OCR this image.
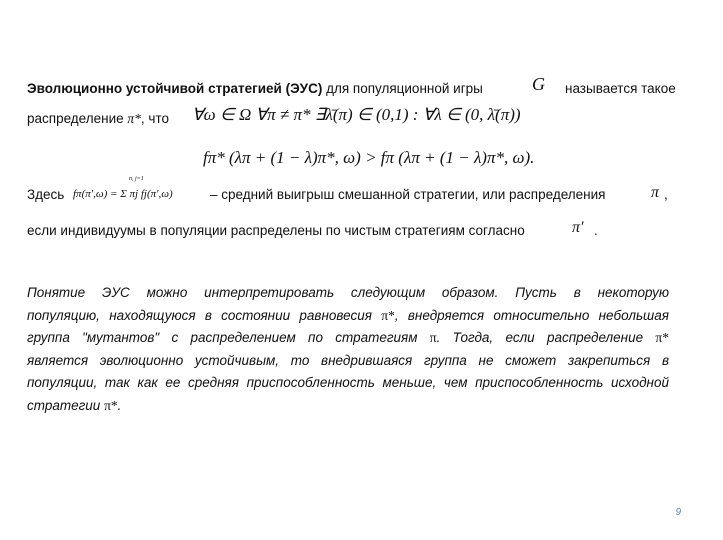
Эволюционно устойчивой стратегией (ЭУС) для популяционной игры	G называется такое
распределение π*, что ∀ω ∈ Ω ∀π ≠ π* ∃λ̄(π) ∈ (0,1) : ∀λ ∈ (0, λ̄(π))
fπ* (λπ + (1 − λ)π*, ω) > fπ (λπ + (1 − λ)π*, ω).
Здесь fπ(π′,ω) = Σ πj fj(π′,ω)
n, j=1
– средний выигрыш смешанной стратегии, или распределения	π ,
если индивидуумы в популяции распределены по чистым стратегиям согласно	π′ .
Понятие ЭУС можно интерпретировать следующим образом. Пусть в некоторую
популяцию, находящуюся в состоянии равновесия π*, внедряется относительно небольшая
группа "мутантов" с распределением по стратегиям π. Тогда, если распределение π*
является эволюционно устойчивым, то внедрившаяся группа не сможет закрепиться в
популяции, так как ее средняя приспособленность меньше, чем приспособленность исходной
стратегии π*.
9
